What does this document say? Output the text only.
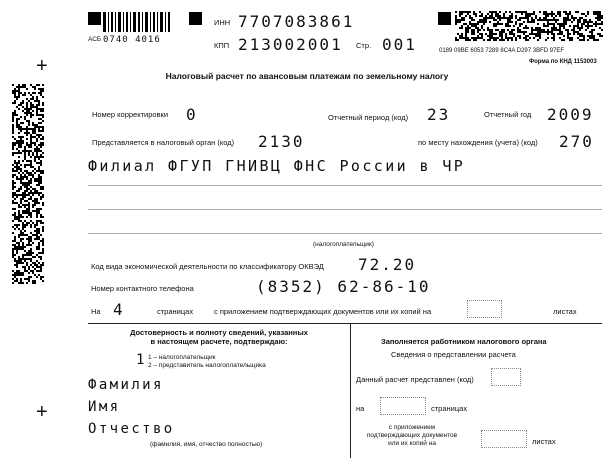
АСБ 0740 4016
ИНН 7707083861
КПП 213002001 Стр. 001	0189 09BE 6053 7289 8C4A D297 3BFD 97EF
Форма по КНД 1153003
+
+
Налоговый расчет по авансовым платежам по земельному налогу
Номер корректировки 0	Отчетный период (код) 23	Отчетный год 2009
Представляется в налоговый орган (код) 2130	по месту нахождения (учета) (код) 270
Филиал ФГУП ГНИВЦ ФНС России в ЧР
(налогоплательщик)
Код вида экономической деятельности по классификатору ОКВЭД 72.20
Номер контактного телефона	(8352) 62-86-10
На 4	страницах	с приложением подтверждающих документов или их копий на	листах
Достоверность и полноту сведений, указанных
в настоящем расчете, подтверждаю:
1 1 – налогоплательщик
2 – представитель налогоплательщика
Фамилия
Имя
Отчество
(фамилия, имя, отчество полностью)
Заполняется работником налогового органа
Сведения о представлении расчета
Данный расчет представлен (код)
на	страницах
с приложением
подтверждающих документов
или их копий на	листах
